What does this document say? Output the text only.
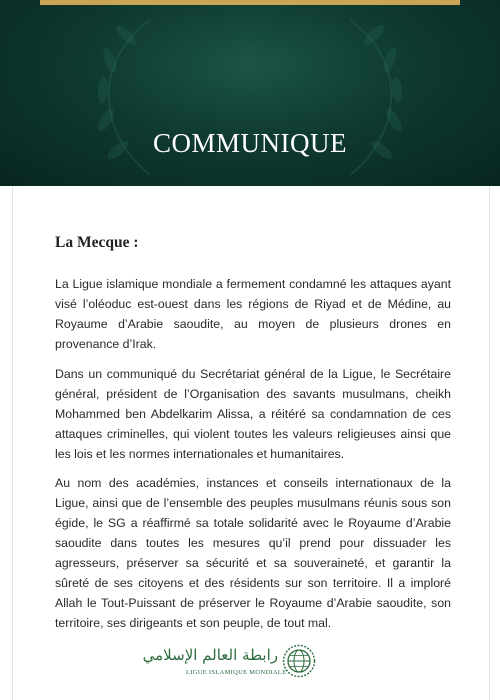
COMMUNIQUE
La Mecque :
La Ligue islamique mondiale a fermement condamné les attaques ayant visé l’oléoduc est-ouest dans les régions de Riyad et de Médine, au Royaume d’Arabie saoudite, au moyen de plusieurs drones en provenance d’Irak.
Dans un communiqué du Secrétariat général de la Ligue, le Secrétaire général, président de l’Organisation des savants musulmans, cheikh Mohammed ben Abdelkarim Alissa, a réitéré sa condamnation de ces attaques criminelles, qui violent toutes les valeurs religieuses ainsi que les lois et les normes internationales et humanitaires.
Au nom des académies, instances et conseils internationaux de la Ligue, ainsi que de l’ensemble des peuples musulmans réunis sous son égide, le SG a réaffirmé sa totale solidarité avec le Royaume d’Arabie saoudite dans toutes les mesures qu’il prend pour dissuader les agresseurs, préserver sa sécurité et sa souveraineté, et garantir la sûreté de ses citoyens et des résidents sur son territoire. Il a imploré Allah le Tout-Puissant de préserver le Royaume d’Arabie saoudite, son territoire, ses dirigeants et son peuple, de tout mal.
رابطة العالم الإسلامي
LIGUE ISLAMIQUE MONDIALE
